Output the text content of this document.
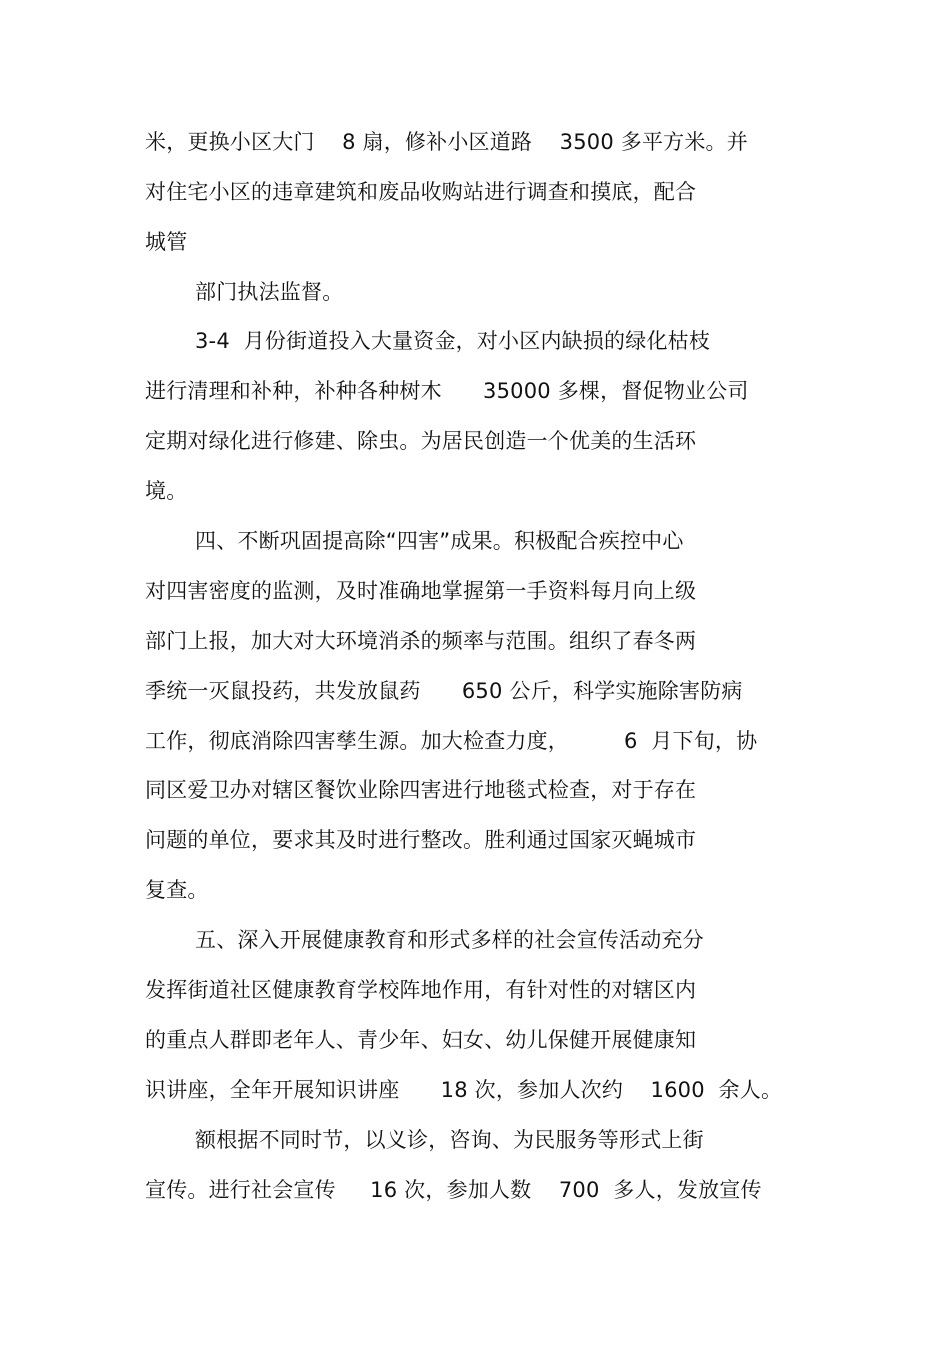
米，更换小区大门    8 扇，修补小区道路    3500 多平方米。并
对住宅小区的违章建筑和废品收购站进行调查和摸底，配合
城管
部门执法监督。
3-4  月份街道投入大量资金，对小区内缺损的绿化枯枝
进行清理和补种，补种各种树木      35000 多棵，督促物业公司
定期对绿化进行修建、除虫。为居民创造一个优美的生活环
境。
四、不断巩固提高除“四害”成果。积极配合疾控中心
对四害密度的监测，及时准确地掌握第一手资料每月向上级
部门上报，加大对大环境消杀的频率与范围。组织了春冬两
季统一灭鼠投药，共发放鼠药      650 公斤，科学实施除害防病
工作，彻底消除四害孳生源。加大检查力度，        6  月下旬，协
同区爱卫办对辖区餐饮业除四害进行地毯式检查，对于存在
问题的单位，要求其及时进行整改。胜利通过国家灭蝇城市
复查。
五、深入开展健康教育和形式多样的社会宣传活动充分
发挥街道社区健康教育学校阵地作用，有针对性的对辖区内
的重点人群即老年人、青少年、妇女、幼儿保健开展健康知
识讲座，全年开展知识讲座      18 次，参加人次约    1600  余人。
额根据不同时节，以义诊，咨询、为民服务等形式上街
宣传。进行社会宣传     16 次，参加人数    700  多人，发放宣传
